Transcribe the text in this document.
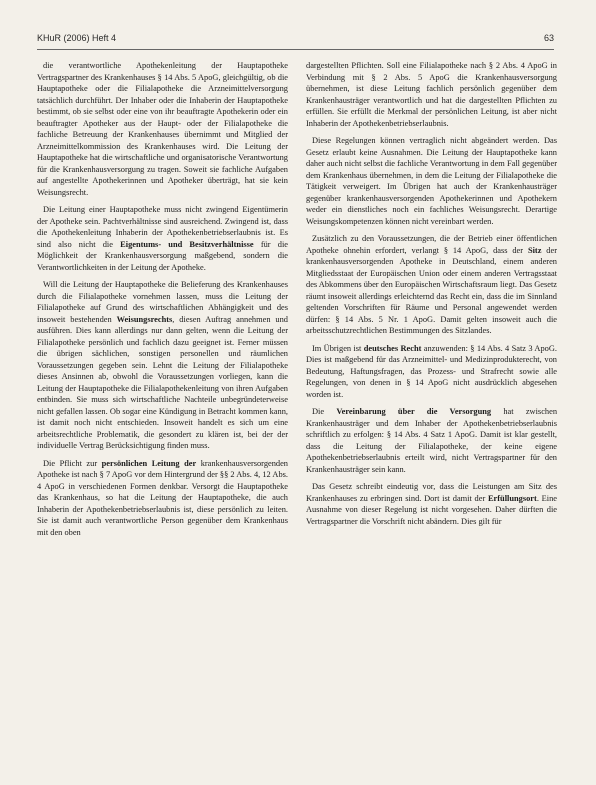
KHuR (2006) Heft 4	63

die verantwortliche Apothekenleitung der Hauptapotheke Vertragspartner des Krankenhauses § 14 Abs. 5 ApoG, gleichgültig, ob die Hauptapotheke oder die Filialapotheke die Arzneimittelversorgung tatsächlich durchführt. Der Inhaber oder die Inhaberin der Hauptapotheke bestimmt, ob sie selbst oder eine von ihr beauftragte Apothekerin oder ein beauftragter Apotheker aus der Haupt- oder der Filialapotheke die fachliche Betreuung der Krankenhauses übernimmt und Mitglied der Arzneimittelkommission des Krankenhauses wird. Die Leitung der Hauptapotheke hat die wirtschaftliche und organisatorische Verantwortung für die Krankenhausversorgung zu tragen. Soweit sie fachliche Aufgaben auf angestellte Apothekerinnen und Apotheker überträgt, hat sie kein Weisungsrecht.

Die Leitung einer Hauptapotheke muss nicht zwingend Eigentümerin der Apotheke sein. Pachtverhältnisse sind ausreichend. Zwingend ist, dass die Apothekenleitung Inhaberin der Apothekenbetriebserlaubnis ist. Es sind also nicht die Eigentums- und Besitzverhältnisse für die Möglichkeit der Krankenhausversorgung maßgebend, sondern die Verantwortlichkeiten in der Leitung der Apotheke.

Will die Leitung der Hauptapotheke die Belieferung des Krankenhauses durch die Filialapotheke vornehmen lassen, muss die Leitung der Filialapotheke auf Grund des wirtschaftlichen Abhängigkeit und des insoweit bestehenden Weisungsrechts, diesen Auftrag annehmen und ausführen. Dies kann allerdings nur dann gelten, wenn die Leitung der Filialapotheke persönlich und fachlich dazu geeignet ist. Ferner müssen die übrigen sächlichen, sonstigen personellen und räumlichen Voraussetzungen gegeben sein. Lehnt die Leitung der Filialapotheke dieses Ansinnen ab, obwohl die Voraussetzungen vorliegen, kann die Leitung der Hauptapotheke die Filialapothekenleitung von ihren Aufgaben entbinden. Sie muss sich wirtschaftliche Nachteile unbegründeterweise nicht gefallen lassen. Ob sogar eine Kündigung in Betracht kommen kann, ist damit noch nicht entschieden. Insoweit handelt es sich um eine arbeitsrechtliche Problematik, die gesondert zu klären ist, bei der der individuelle Vertrag Berücksichtigung finden muss.

Die Pflicht zur persönlichen Leitung der krankenhausversorgenden Apotheke ist nach § 7 ApoG vor dem Hintergrund der §§ 2 Abs. 4, 12 Abs. 4 ApoG in verschiedenen Formen denkbar. Versorgt die Hauptapotheke das Krankenhaus, so hat die Leitung der Hauptapotheke, die auch Inhaberin der Apothekenbetriebserlaubnis ist, diese persönlich zu leiten. Sie ist damit auch verantwortliche Person gegenüber dem Krankenhaus mit den oben

dargestellten Pflichten. Soll eine Filialapotheke nach § 2 Abs. 4 ApoG in Verbindung mit § 2 Abs. 5 ApoG die Krankenhausversorgung übernehmen, ist diese Leitung fachlich persönlich gegenüber dem Krankenhausträger verantwortlich und hat die dargestellten Pflichten zu erfüllen. Sie erfüllt die Merkmal der persönlichen Leitung, ist aber nicht Inhaberin der Apothekenbetriebserlaubnis.

Diese Regelungen können vertraglich nicht abgeändert werden. Das Gesetz erlaubt keine Ausnahmen. Die Leitung der Hauptapotheke kann daher auch nicht selbst die fachliche Verantwortung in dem Fall gegenüber dem Krankenhaus übernehmen, in dem die Leitung der Filialapotheke die Tätigkeit verweigert. Im Übrigen hat auch der Krankenhausträger gegenüber krankenhausversorgenden Apothekerinnen und Apothekern weder ein dienstliches noch ein fachliches Weisungsrecht. Derartige Weisungskompetenzen können nicht vereinbart werden.

Zusätzlich zu den Voraussetzungen, die der Betrieb einer öffentlichen Apotheke ohnehin erfordert, verlangt § 14 ApoG, dass der Sitz der krankenhausversorgenden Apotheke in Deutschland, einem anderen Mitgliedsstaat der Europäischen Union oder einem anderen Vertragsstaat des Abkommens über den Europäischen Wirtschaftsraum liegt. Das Gesetz räumt insoweit allerdings erleichternd das Recht ein, dass die im Sinnland geltenden Vorschriften für Räume und Personal angewendet werden dürfen: § 14 Abs. 5 Nr. 1 ApoG. Damit gelten insoweit auch die arbeitsschutzrechtlichen Bestimmungen des Sitzlandes.

Im Übrigen ist deutsches Recht anzuwenden: § 14 Abs. 4 Satz 3 ApoG. Dies ist maßgebend für das Arzneimittel- und Medizinprodukterecht, von Bedeutung, Haftungsfragen, das Prozess- und Strafrecht sowie alle Regelungen, von denen in § 14 ApoG nicht ausdrücklich abgesehen worden ist.

Die Vereinbarung über die Versorgung hat zwischen Krankenhausträger und dem Inhaber der Apothekenbetriebserlaubnis schriftlich zu erfolgen: § 14 Abs. 4 Satz 1 ApoG. Damit ist klar gestellt, dass die Leitung der Filialapotheke, der keine eigene Apothekenbetriebserlaubnis erteilt wird, nicht Vertragspartner für den Krankenhausträger sein kann.

Das Gesetz schreibt eindeutig vor, dass die Leistungen am Sitz des Krankenhauses zu erbringen sind. Dort ist damit der Erfüllungsort. Eine Ausnahme von dieser Regelung ist nicht vorgesehen. Daher dürften die Vertragspartner die Vorschrift nicht abändern. Dies gilt für
